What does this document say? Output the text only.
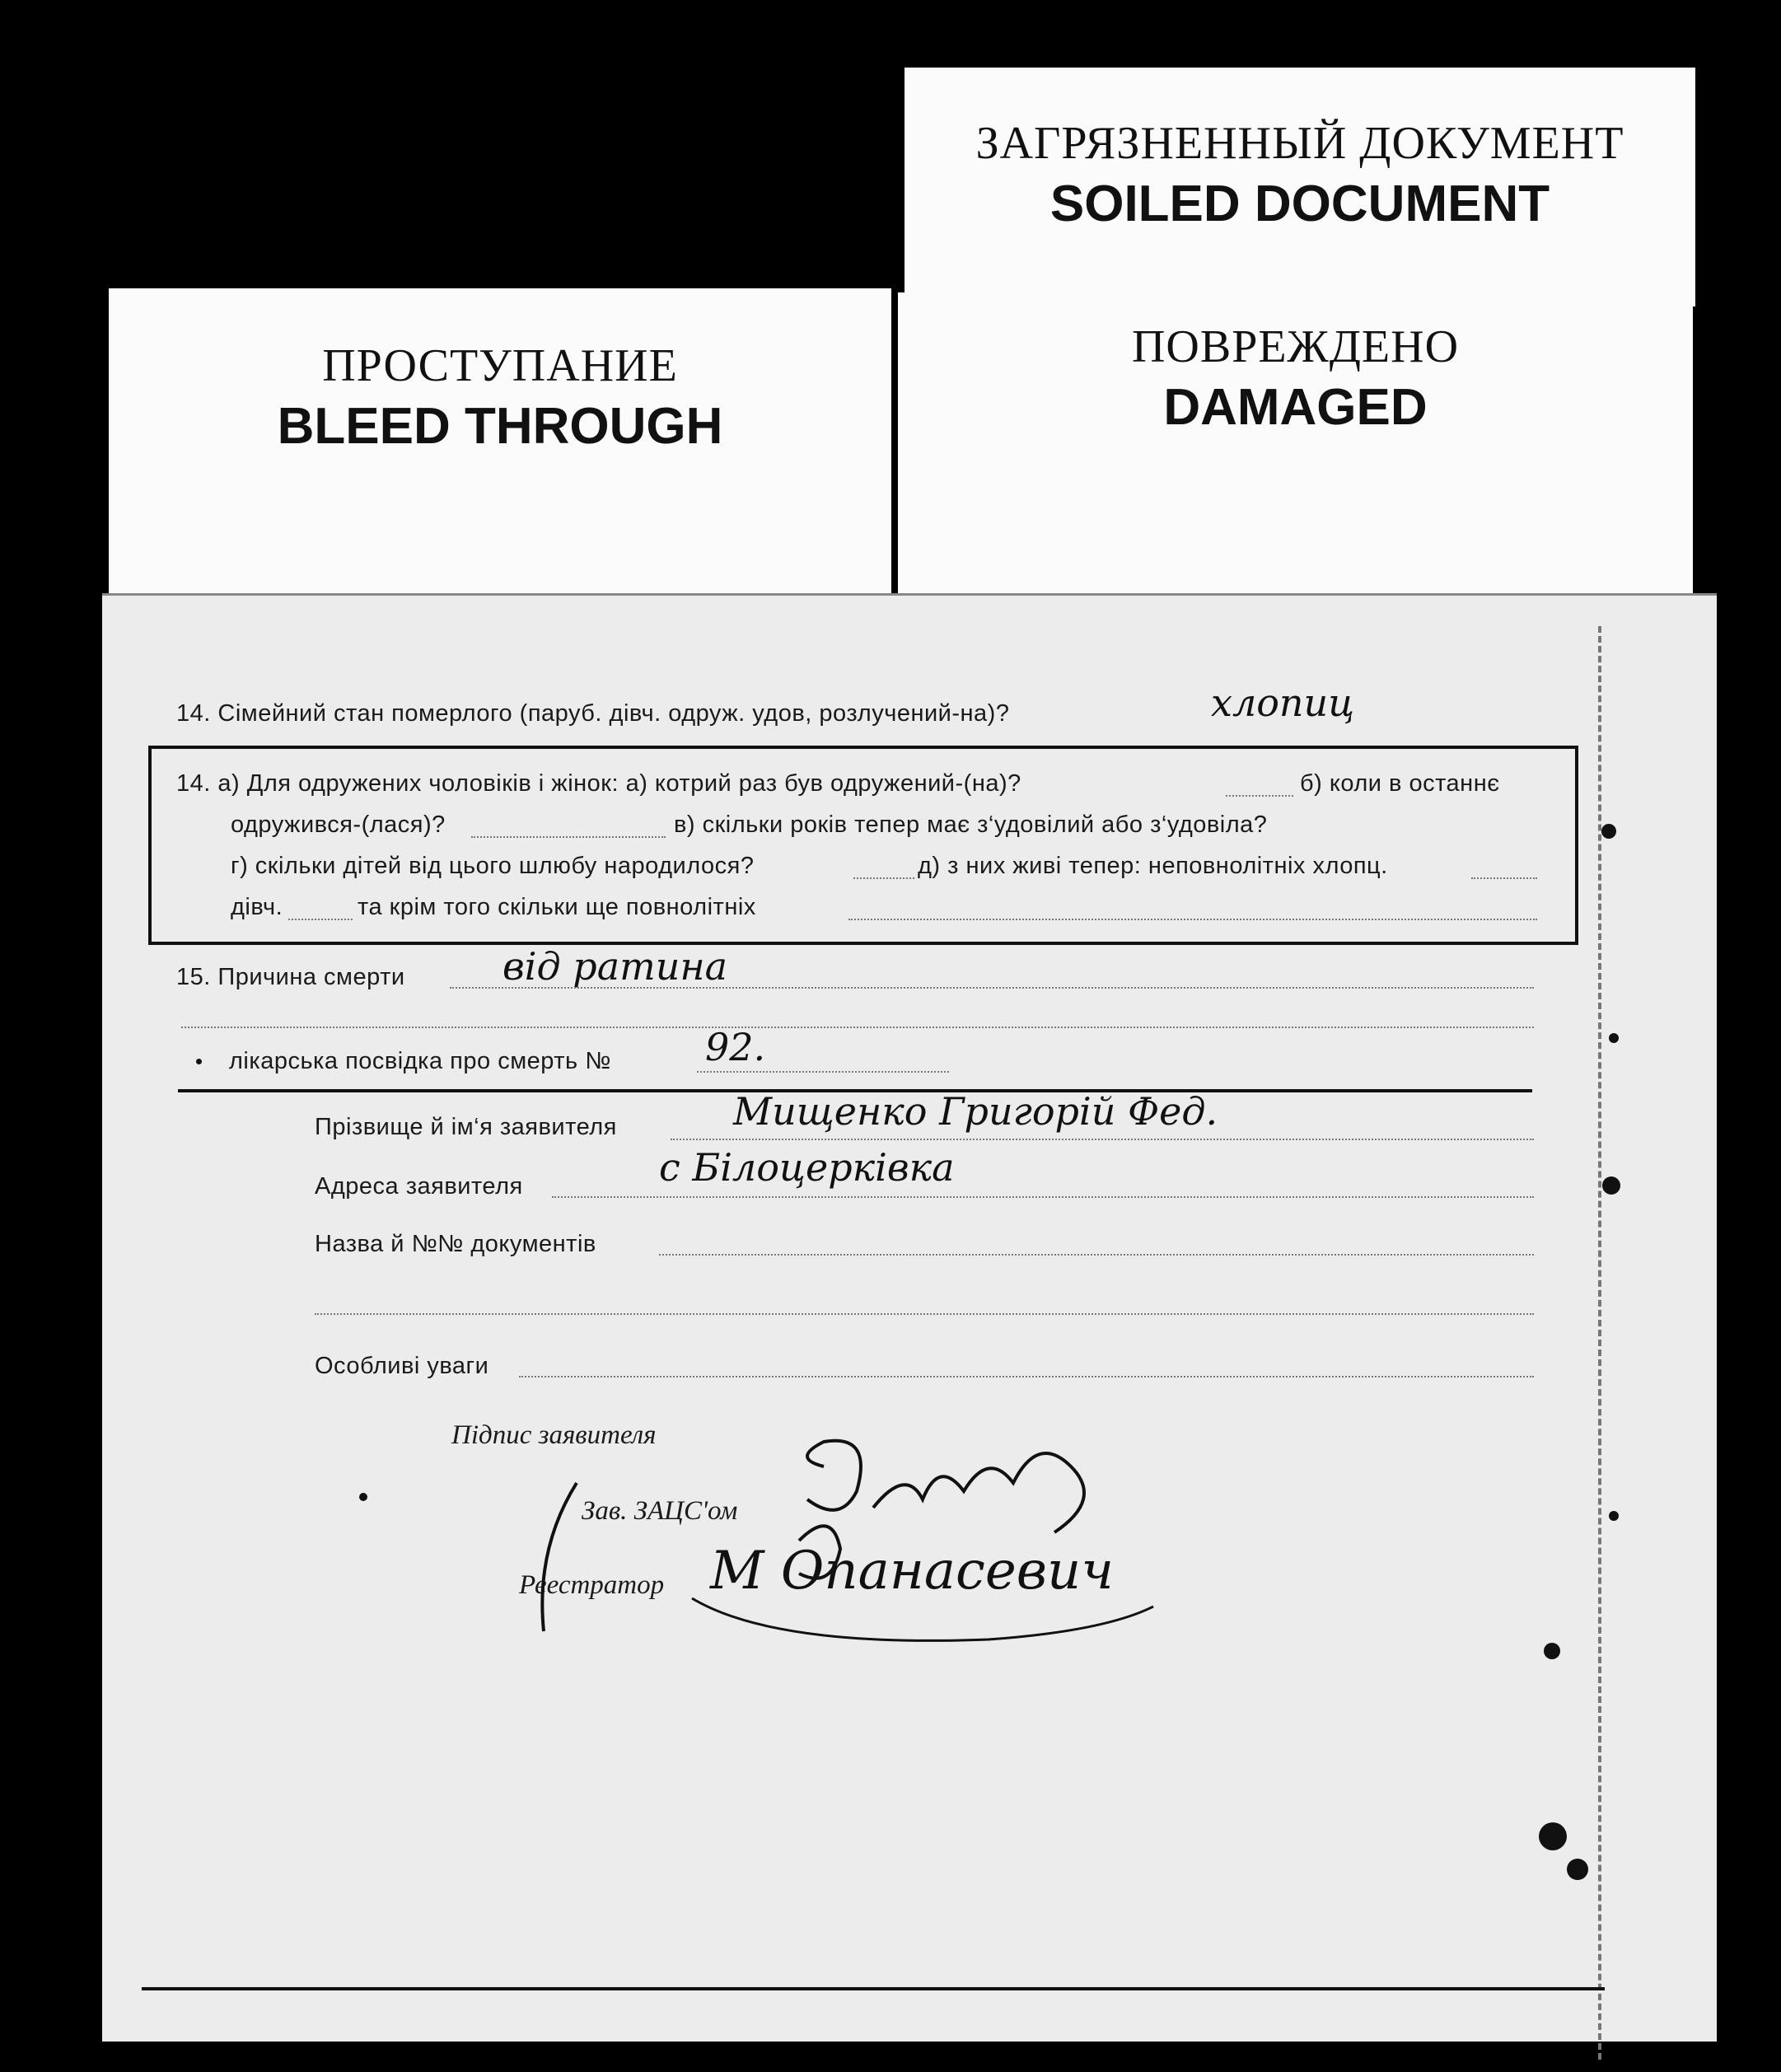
ЗАГРЯЗНЕННЫЙ ДОКУМЕНТ
SOILED DOCUMENT
ПРОСТУПАНИЕ
BLEED THROUGH
ПОВРЕЖДЕНО
DAMAGED
14. Сімейний стан померлого (паруб. дівч. одруж. удов, розлучений-на)?	хлопиц
14. а) Для одружених чоловіків і жінок: а) котрий раз був одружений-(на)?	б) коли в останнє
одружився-(лася)?	в) скільки років тепер має з‘удовілий або з‘удовіла?
г) скільки дітей від цього шлюбу народилося?	д) з них живі тепер: неповнолітніх хлопц.
дівч.	та крім того скільки ще повнолітніх
15. Причина смерти	від ратина
лікарська посвідка про смерть № 92.
Прізвище й ім‘я заявителя	Мищенко Григорій Фед.
Адреса заявителя	с Білоцерківка
Назва й №№ документів
Особливі уваги
Підпис заявителя
Зав. ЗАЦС'ом
Реестратор М Опанасевич
